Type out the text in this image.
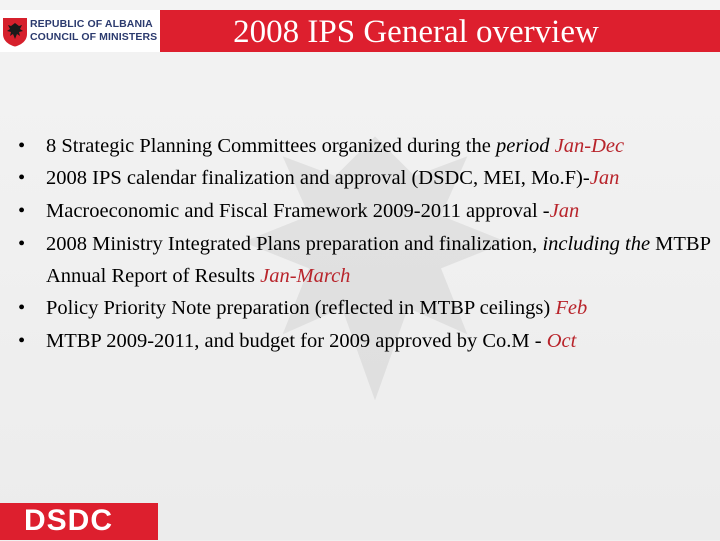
REPUBLIC OF ALBANIA
COUNCIL OF MINISTERS	2008 IPS General overview
• 8 Strategic Planning Committees organized during the period Jan-Dec
• 2008 IPS calendar finalization and approval (DSDC, MEI, Mo.F)-Jan
• Macroeconomic and Fiscal Framework 2009-2011 approval -Jan
• 2008 Ministry Integrated Plans preparation and finalization, including the MTBP Annual Report of Results Jan-March
• Policy Priority Note preparation (reflected in MTBP ceilings) Feb
• MTBP 2009-2011, and budget for 2009 approved by Co.M - Oct
DSDC
